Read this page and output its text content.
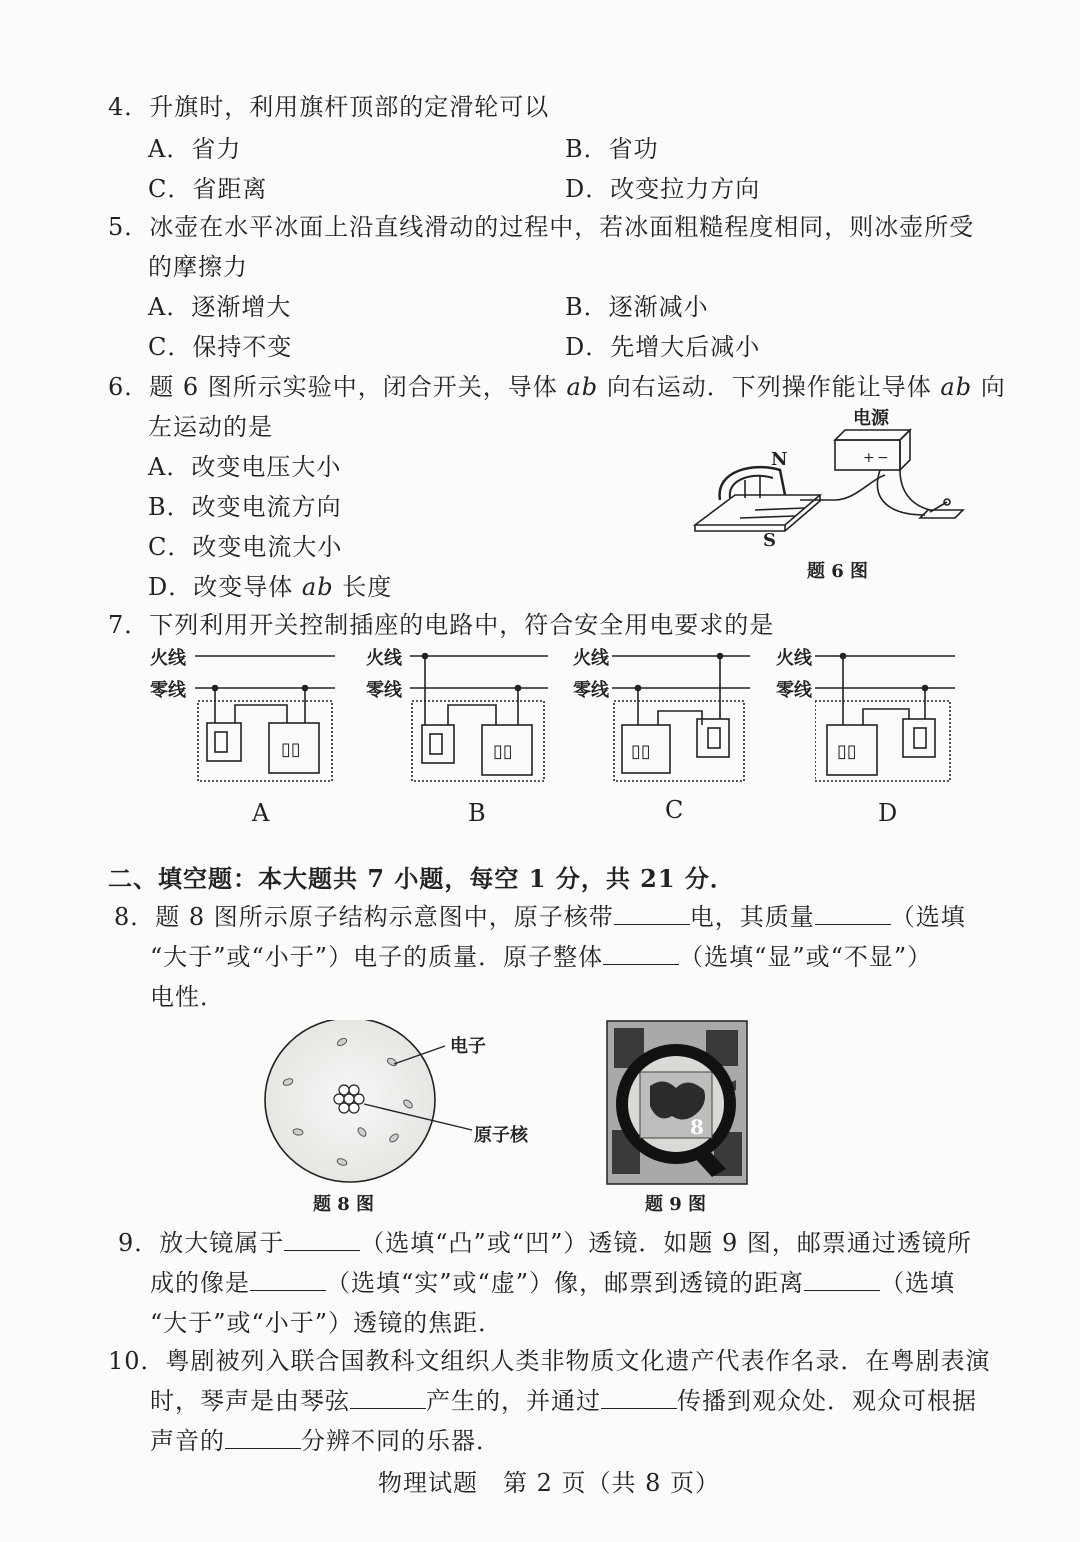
4．升旗时，利用旗杆顶部的定滑轮可以
A．省力	B．省功
C．省距离	D．改变拉力方向
5．冰壶在水平冰面上沿直线滑动的过程中，若冰面粗糙程度相同，则冰壶所受
的摩擦力
A．逐渐增大	B．逐渐减小
C．保持不变	D．先增大后减小
6．题 6 图所示实验中，闭合开关，导体 ab 向右运动．下列操作能让导体 ab 向
左运动的是
A．改变电压大小
B．改变电流方向
C．改变电流大小
D．改变导体 ab 长度
+ −
电源
N
S
题 6 图
7．下列利用开关控制插座的电路中，符合安全用电要求的是
火线
零线
▯▯
A
火线
零线
▯▯
B
火线
零线
▯▯
C
火线
零线
▯▯
D
二、填空题：本大题共 7 小题，每空 1 分，共 21 分．
8．题 8 图所示原子结构示意图中，原子核带	电，其质量	（选填
“大于”或“小于”）电子的质量．原子整体	（选填“显”或“不显”）
电性．
电子
原子核
题 8 图
8
题 9 图
9．放大镜属于	（选填“凸”或“凹”）透镜．如题 9 图，邮票通过透镜所
成的像是	（选填“实”或“虚”）像，邮票到透镜的距离	（选填
“大于”或“小于”）透镜的焦距．
10．粤剧被列入联合国教科文组织人类非物质文化遗产代表作名录．在粤剧表演
时，琴声是由琴弦	产生的，并通过	传播到观众处．观众可根据
声音的	分辨不同的乐器．
物理试题　第 2 页（共 8 页）
